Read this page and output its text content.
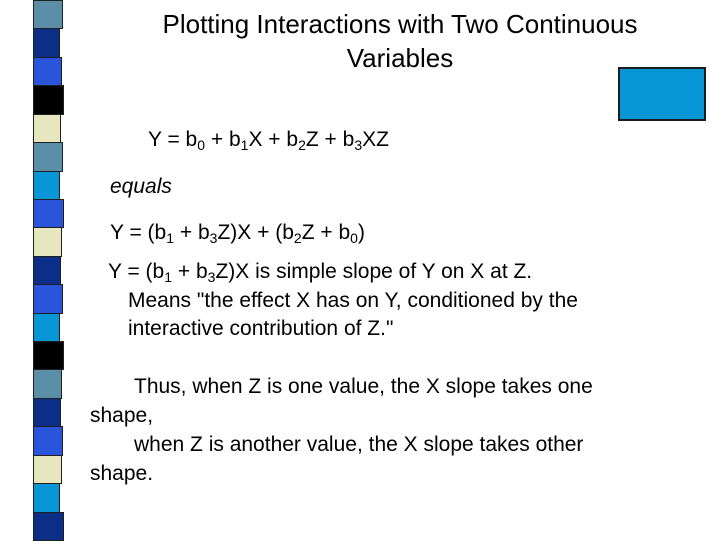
Plotting Interactions with Two Continuous
Variables
$Y = b_0 + b_1X + b_2Z + b_3XZ$
equals
$Y = (b_1 + b_3Z)X + (b_2Z + b_0)$
$Y = (b_1 + b_3Z)X$ is simple slope of Y on X at Z.
Means "the effect X has on Y, conditioned by the
interactive contribution of Z."
Thus, when Z is one value, the X slope takes one
shape,
when Z is another value, the X slope takes other
shape.
